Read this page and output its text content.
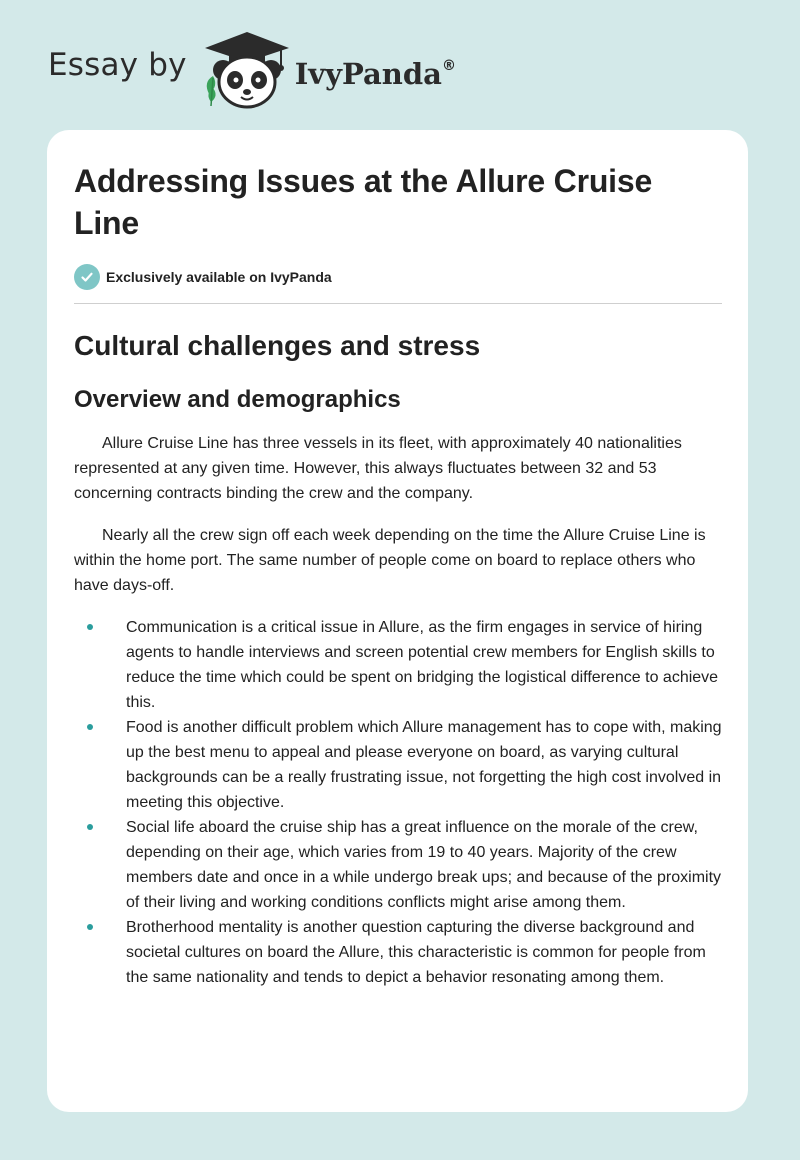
Essay by	IvyPanda®
Addressing Issues at the Allure Cruise Line
Exclusively available on IvyPanda
Cultural challenges and stress
Overview and demographics

Allure Cruise Line has three vessels in its fleet, with approximately 40 nationalities represented at any given time. However, this always fluctuates between 32 and 53 concerning contracts binding the crew and the company.

Nearly all the crew sign off each week depending on the time the Allure Cruise Line is within the home port. The same number of people come on board to replace others who have days-off.

Communication is a critical issue in Allure, as the firm engages in service of hiring agents to handle interviews and screen potential crew members for English skills to reduce the time which could be spent on bridging the logistical difference to achieve this.
Food is another difficult problem which Allure management has to cope with, making up the best menu to appeal and please everyone on board, as varying cultural backgrounds can be a really frustrating issue, not forgetting the high cost involved in meeting this objective.
Social life aboard the cruise ship has a great influence on the morale of the crew, depending on their age, which varies from 19 to 40 years. Majority of the crew members date and once in a while undergo break ups; and because of the proximity of their living and working conditions conflicts might arise among them.
Brotherhood mentality is another question capturing the diverse background and societal cultures on board the Allure, this characteristic is common for people from the same nationality and tends to depict a behavior resonating among them.
